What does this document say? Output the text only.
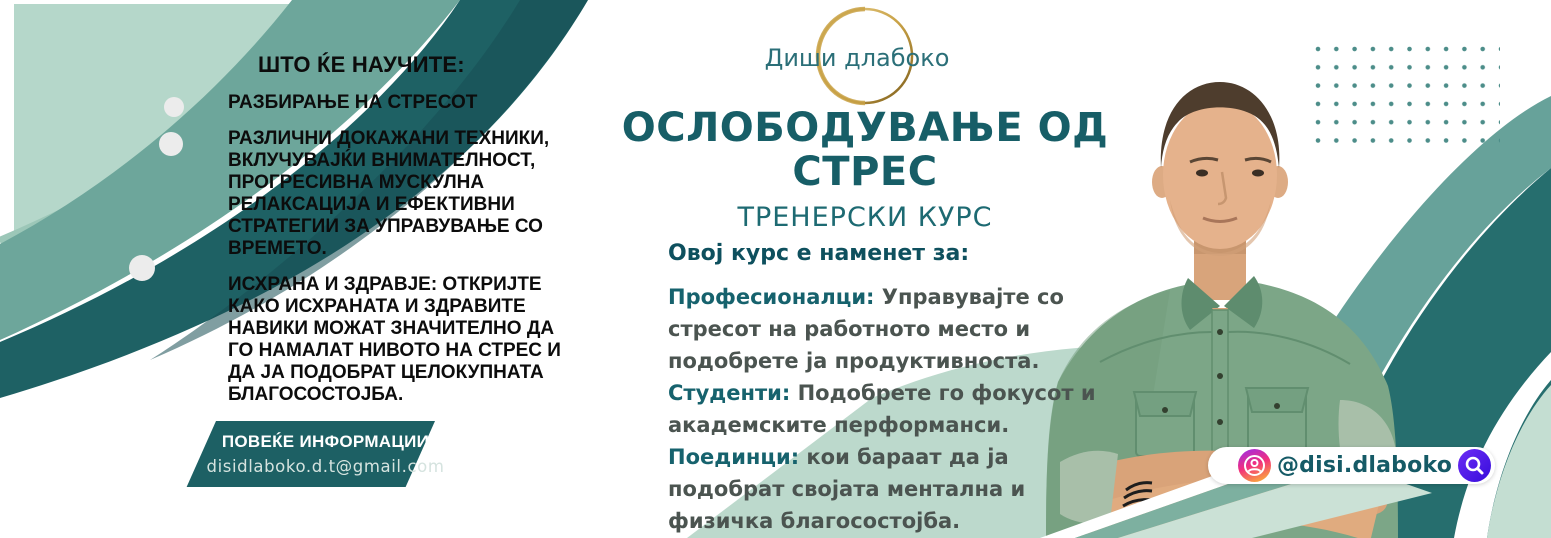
Диши длабоко
ШТО ЌЕ НАУЧИТЕ:

РАЗБИРАЊЕ НА СТРЕСОТ

РАЗЛИЧНИ ДОКАЖАНИ ТЕХНИКИ, ВКЛУЧУВАЈЌИ ВНИМАТЕЛНОСТ, ПРОГРЕСИВНА МУСКУЛНА РЕЛАКСАЦИЈА И ЕФЕКТИВНИ СТРАТЕГИИ ЗА УПРАВУВАЊЕ СО ВРЕМЕТО.

ИСХРАНА И ЗДРАВЈЕ: ОТКРИЈТЕ КАКО ИСХРАНАТА И ЗДРАВИТЕ НАВИКИ МОЖАТ ЗНАЧИТЕЛНО ДА ГО НАМАЛАТ НИВОТО НА СТРЕС И ДА ЈА ПОДОБРАТ ЦЕЛОКУПНАТА БЛАГОСОСТОЈБА.

ПОВЕЌЕ ИНФОРМАЦИИ
disidlaboko.d.t@gmail.com
ОСЛОБОДУВАЊЕ ОД
СТРЕС
ТРЕНЕРСКИ КУРС
Овој курс е наменет за:

Професионалци: Управувајте со стресот на работното место и подобрете ја продуктивноста.

Студенти: Подобрете го фокусот и академските перформанси.

Поединци: кои бараат да ја подобрат својата ментална и физичка благосостојба.

@disi.dlaboko
